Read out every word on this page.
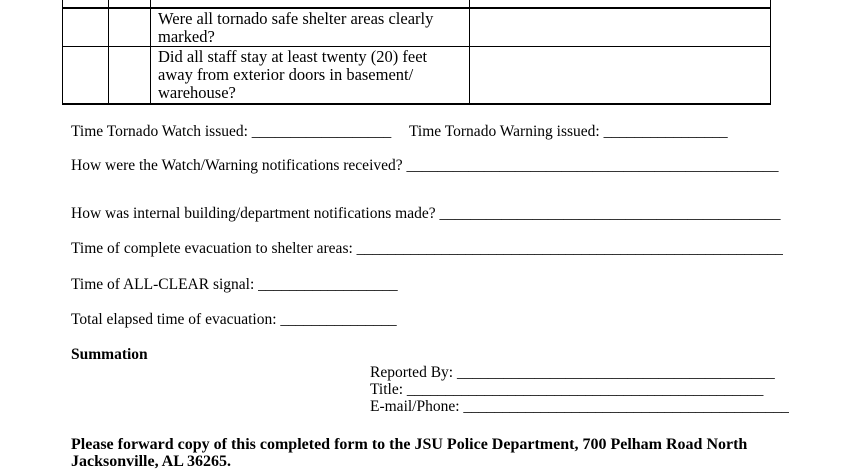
Were all tornado safe shelter areas clearly
marked?
Did all staff stay at least twenty (20) feet
away from exterior doors in basement/
warehouse?
Time Tornado Watch issued: __________________ Time Tornado Warning issued: ________________
How were the Watch/Warning notifications received? ________________________________________________
How was internal building/department notifications made? ____________________________________________
Time of complete evacuation to shelter areas: _______________________________________________________
Time of ALL-CLEAR signal: __________________
Total elapsed time of evacuation: _______________
Summation
Reported By: _________________________________________
Title: ______________________________________________
E-mail/Phone: __________________________________________
Please forward copy of this completed form to the JSU Police Department, 700 Pelham Road North
Jacksonville, AL 36265.
